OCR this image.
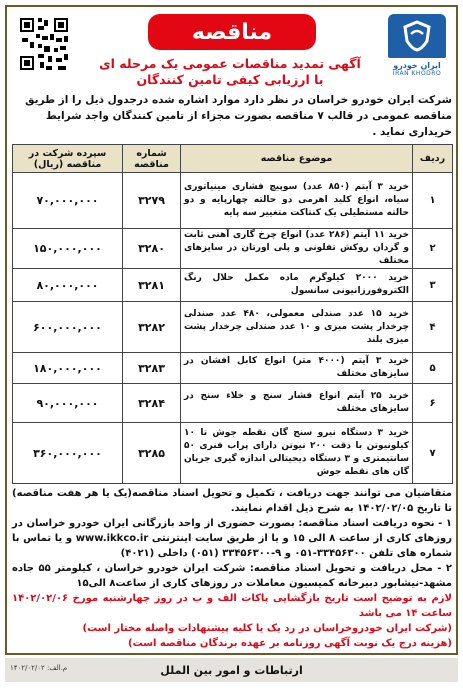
ایران خودرو
IRAN KHODRO
مناقصه
آگهی تمدید مناقصات عمومی یک مرحله ای
با ارزیابی کیفی تامین کنندگان
شرکت ایران خودرو خراسان در نظر دارد موارد اشاره شده درجدول ذیل را از طریق مناقصه عمومی در قالب ۷ مناقصه بصورت مجزاء از تامین کنندگان واجد شرایط خریداری نماید .
ردیف	موضوع مناقصه	شماره مناقصه	سپرده شرکت در مناقصه (ریال)
۱	خرید ۳ آیتم (۸۵۰ عدد) سوپیچ فشاری مینیاتوری سیاه، انواع کلید اهرمی دو حالته چهارپایه و دو حالته مستطیلی یک کنتاکت متغییر سه پایه	۳۲۷۹	۷۰,۰۰۰,۰۰۰
۲	خرید ۱۱ آیتم (۲۸۶ عدد) انواع چرخ گاری آهنی ثابت و گردان روکش تفلونی و پلی اورتان در سایزهای مختلف	۳۲۸۰	۱۵۰,۰۰۰,۰۰۰
۳	خرید ۲۰۰۰ کیلوگرم ماده مکمل حلال رنگ الکتروفورزانیونی سانسول	۳۲۸۱	۸۰,۰۰۰,۰۰۰
۴	خرید ۱۵ عدد صندلی معمولی، ۴۸۰ عدد صندلی چرخدار پشت میزی و ۱۰ عدد صندلی چرخدار پشت میزی بلند	۳۲۸۲	۶۰۰,۰۰۰,۰۰۰
۵	خرید ۳ آیتم (۴۰۰۰ متر) انواع کابل افشان در سایزهای مختلف	۳۲۸۳	۱۸۰,۰۰۰,۰۰۰
۶	خرید ۲۵ آیتم انواع فشار سنج و خلاء سنج در سایزهای مختلف	۳۲۸۴	۹۰,۰۰۰,۰۰۰
۷	خرید ۳ دستگاه نیرو سنج گان نقطه جوش تا ۱۰ کیلونیوتن با دقت ۲۰۰ نیوتن دارای پراب فنری ۵۰ سانتیمتری و ۳ دستگاه دیجیتالی اندازه گیری جریان گان های نقطه جوش	۳۲۸۵	۳۶۰,۰۰۰,۰۰۰

متقاضیان می توانند جهت دریافت ، تکمیل و تحویل اسناد مناقصه(یک یا هر هفت مناقصه) تا تاریخ ۱۴۰۲/۰۲/۰۵ به شرح ذیل اقدام نمایند.

۱ - نحوه دریافت اسناد مناقصه: بصورت حضوری از واحد بازرگانی ایران خودرو خراسان در روزهای کاری از ساعت ۸ الی ۱۵ و یا از طریق سایت اینترنتی www.ikkco.ir و یا تماس با شماره های تلفن ۳۳۴۵۶۳۰۰-۰۵۱ و ۹-۳۳۴۵۶۳۰۰ (۰۵۱) داخلی (۴۰۲۱)

۲ - محل دریافت و تحویل اسناد مناقصه: شرکت ایران خودرو خراسان ، کیلومتر ۵۵ جاده مشهد-نیشابور دبیرخانه کمیسیون معاملات در روزهای کاری از ساعت۸ الی۱۵

لازم به توضیح است تاریخ بازگشایی پاکات الف و ب در روز چهارشنبه مورخ ۱۴۰۲/۰۲/۰۶ ساعت ۱۴ می باشد

(شرکت ایران خودروخراسان در رد یک یا کلیه پیشنهادات واصله مختار است)

(هزینه درج یک نوبت آگهی روزنامه بر عهده برندگان مناقصه است)

ارتباطات و امور بین الملل
م.الف: ۱۴۰۲/۰۲/۰۲
